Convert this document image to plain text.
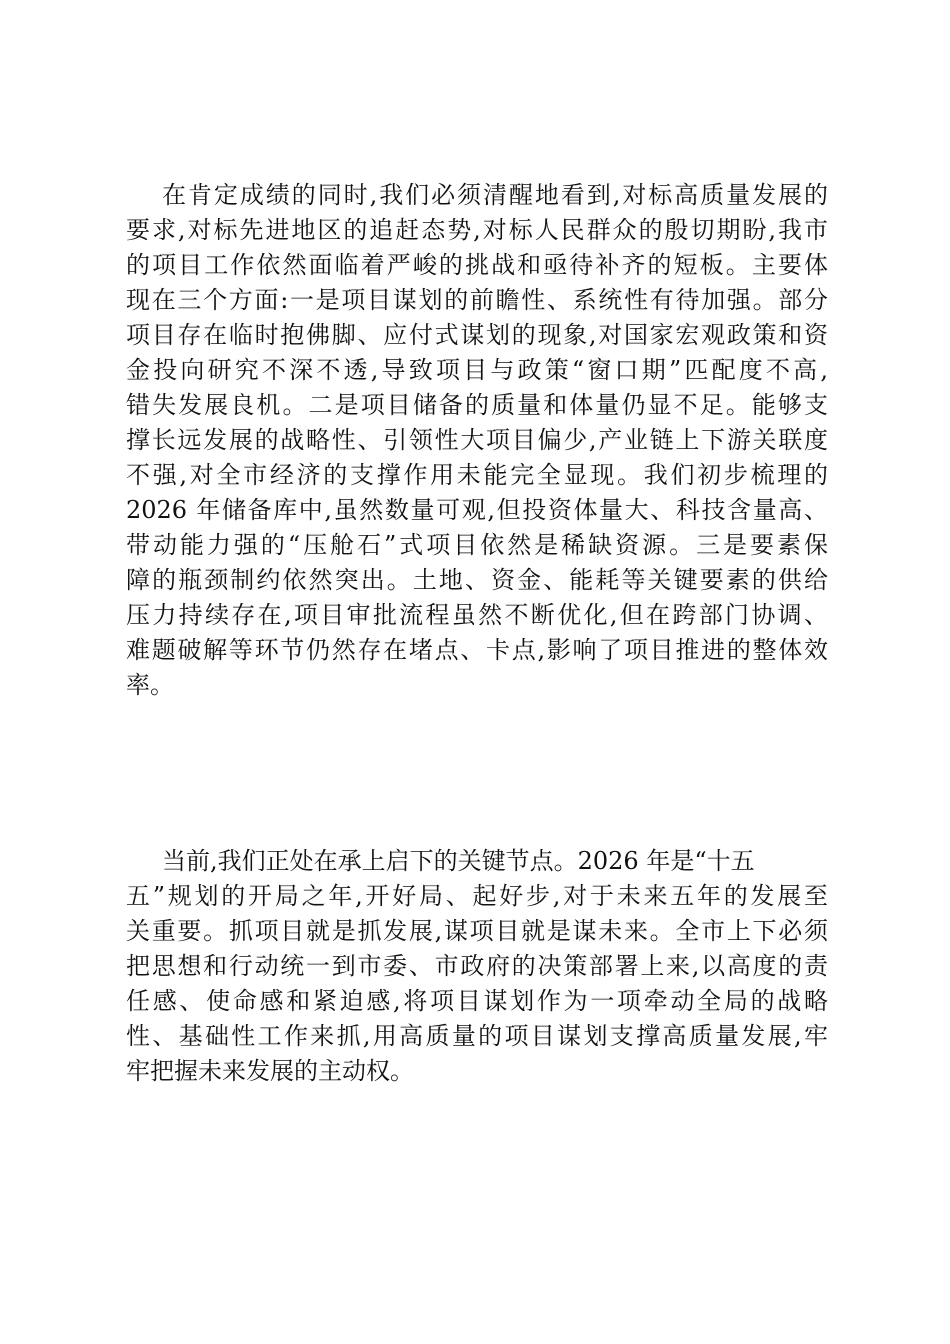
在肯定成绩的同时,我们必须清醒地看到,对标高质量发展的
要求,对标先进地区的追赶态势,对标人民群众的殷切期盼,我市
的项目工作依然面临着严峻的挑战和亟待补齐的短板。主要体
现在三个方面:一是项目谋划的前瞻性、系统性有待加强。部分
项目存在临时抱佛脚、应付式谋划的现象,对国家宏观政策和资
金投向研究不深不透,导致项目与政策“窗口期”匹配度不高,
错失发展良机。二是项目储备的质量和体量仍显不足。能够支
撑长远发展的战略性、引领性大项目偏少,产业链上下游关联度
不强,对全市经济的支撑作用未能完全显现。我们初步梳理的
2026 年储备库中,虽然数量可观,但投资体量大、科技含量高、
带动能力强的“压舱石”式项目依然是稀缺资源。三是要素保
障的瓶颈制约依然突出。土地、资金、能耗等关键要素的供给
压力持续存在,项目审批流程虽然不断优化,但在跨部门协调、
难题破解等环节仍然存在堵点、卡点,影响了项目推进的整体效
率。
当前,我们正处在承上启下的关键节点。2026 年是“十五
五”规划的开局之年,开好局、起好步,对于未来五年的发展至
关重要。抓项目就是抓发展,谋项目就是谋未来。全市上下必须
把思想和行动统一到市委、市政府的决策部署上来,以高度的责
任感、使命感和紧迫感,将项目谋划作为一项牵动全局的战略
性、基础性工作来抓,用高质量的项目谋划支撑高质量发展,牢
牢把握未来发展的主动权。
